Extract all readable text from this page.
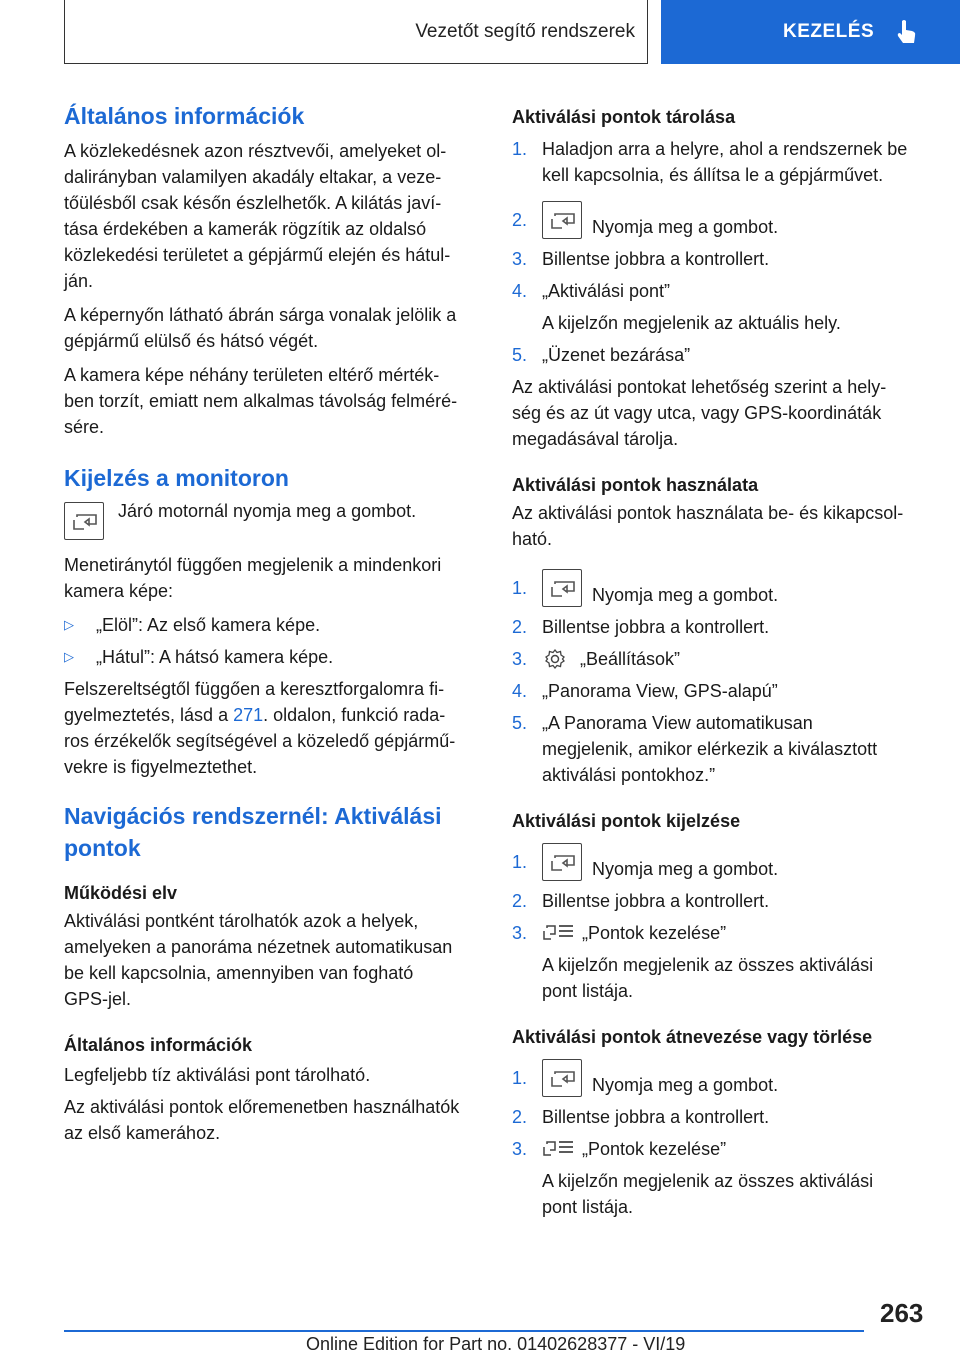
Vezetőt segítő rendszerek	KEZELÉS
Általános információk

A közlekedésnek azon résztvevői, amelyeket ol-

dalirányban valamilyen akadály eltakar, a veze-

tőülésből csak későn észlelhetők. A kilátás javí-

tása érdekében a kamerák rögzítik az oldalsó

közlekedési területet a gépjármű elején és hátul-

ján.

A képernyőn látható ábrán sárga vonalak jelölik a

gépjármű elülső és hátsó végét.

A kamera képe néhány területen eltérő mérték-

ben torzít, emiatt nem alkalmas távolság felméré-

sére.

Kijelzés a monitoron

Járó motornál nyomja meg a gombot.

Menetiránytól függően megjelenik a mindenkori

kamera képe:

▷	„Elöl”: Az első kamera képe.
▷	„Hátul”: A hátsó kamera képe.

Felszereltségtől függően a keresztforgalomra fi-

gyelmeztetés, lásd a 271. oldalon, funkció rada-

ros érzékelők segítségével a közeledő gépjármű-

vekre is figyelmeztethet.

Navigációs rendszernél: Aktiválási
pontok
Működési elv

Aktiválási pontként tárolhatók azok a helyek,

amelyeken a panoráma nézetnek automatikusan

be kell kapcsolnia, amennyiben van fogható

GPS-jel.

Általános információk

Legfeljebb tíz aktiválási pont tárolható.

Az aktiválási pontok előremenetben használhatók

az első kamerához.

Aktiválási pontok tárolása
1. Haladjon arra a helyre, ahol a rendszernek be

kell kapcsolnia, és állítsa le a gépjárművet.

2.	Nyomja meg a gombot.
3. Billentse jobbra a kontrollert.
4. „Aktiválási pont”

A kijelzőn megjelenik az aktuális hely.

5. „Üzenet bezárása”

Az aktiválási pontokat lehetőség szerint a hely-

ség és az út vagy utca, vagy GPS-koordináták

megadásával tárolja.

Aktiválási pontok használata

Az aktiválási pontok használata be- és kikapcsol-

ható.

1.	Nyomja meg a gombot.
2. Billentse jobbra a kontrollert.
3.	„Beállítások”
4. „Panorama View, GPS-alapú”
5. „A Panorama View automatikusan

megjelenik, amikor elérkezik a kiválasztott

aktiválási pontokhoz.”

Aktiválási pontok kijelzése
1.	Nyomja meg a gombot.
2. Billentse jobbra a kontrollert.
3.	„Pontok kezelése”

A kijelzőn megjelenik az összes aktiválási

pont listája.

Aktiválási pontok átnevezése vagy törlése
1.	Nyomja meg a gombot.
2. Billentse jobbra a kontrollert.
3.	„Pontok kezelése”

A kijelzőn megjelenik az összes aktiválási

pont listája.

263
Online Edition for Part no. 01402628377 - VI/19
